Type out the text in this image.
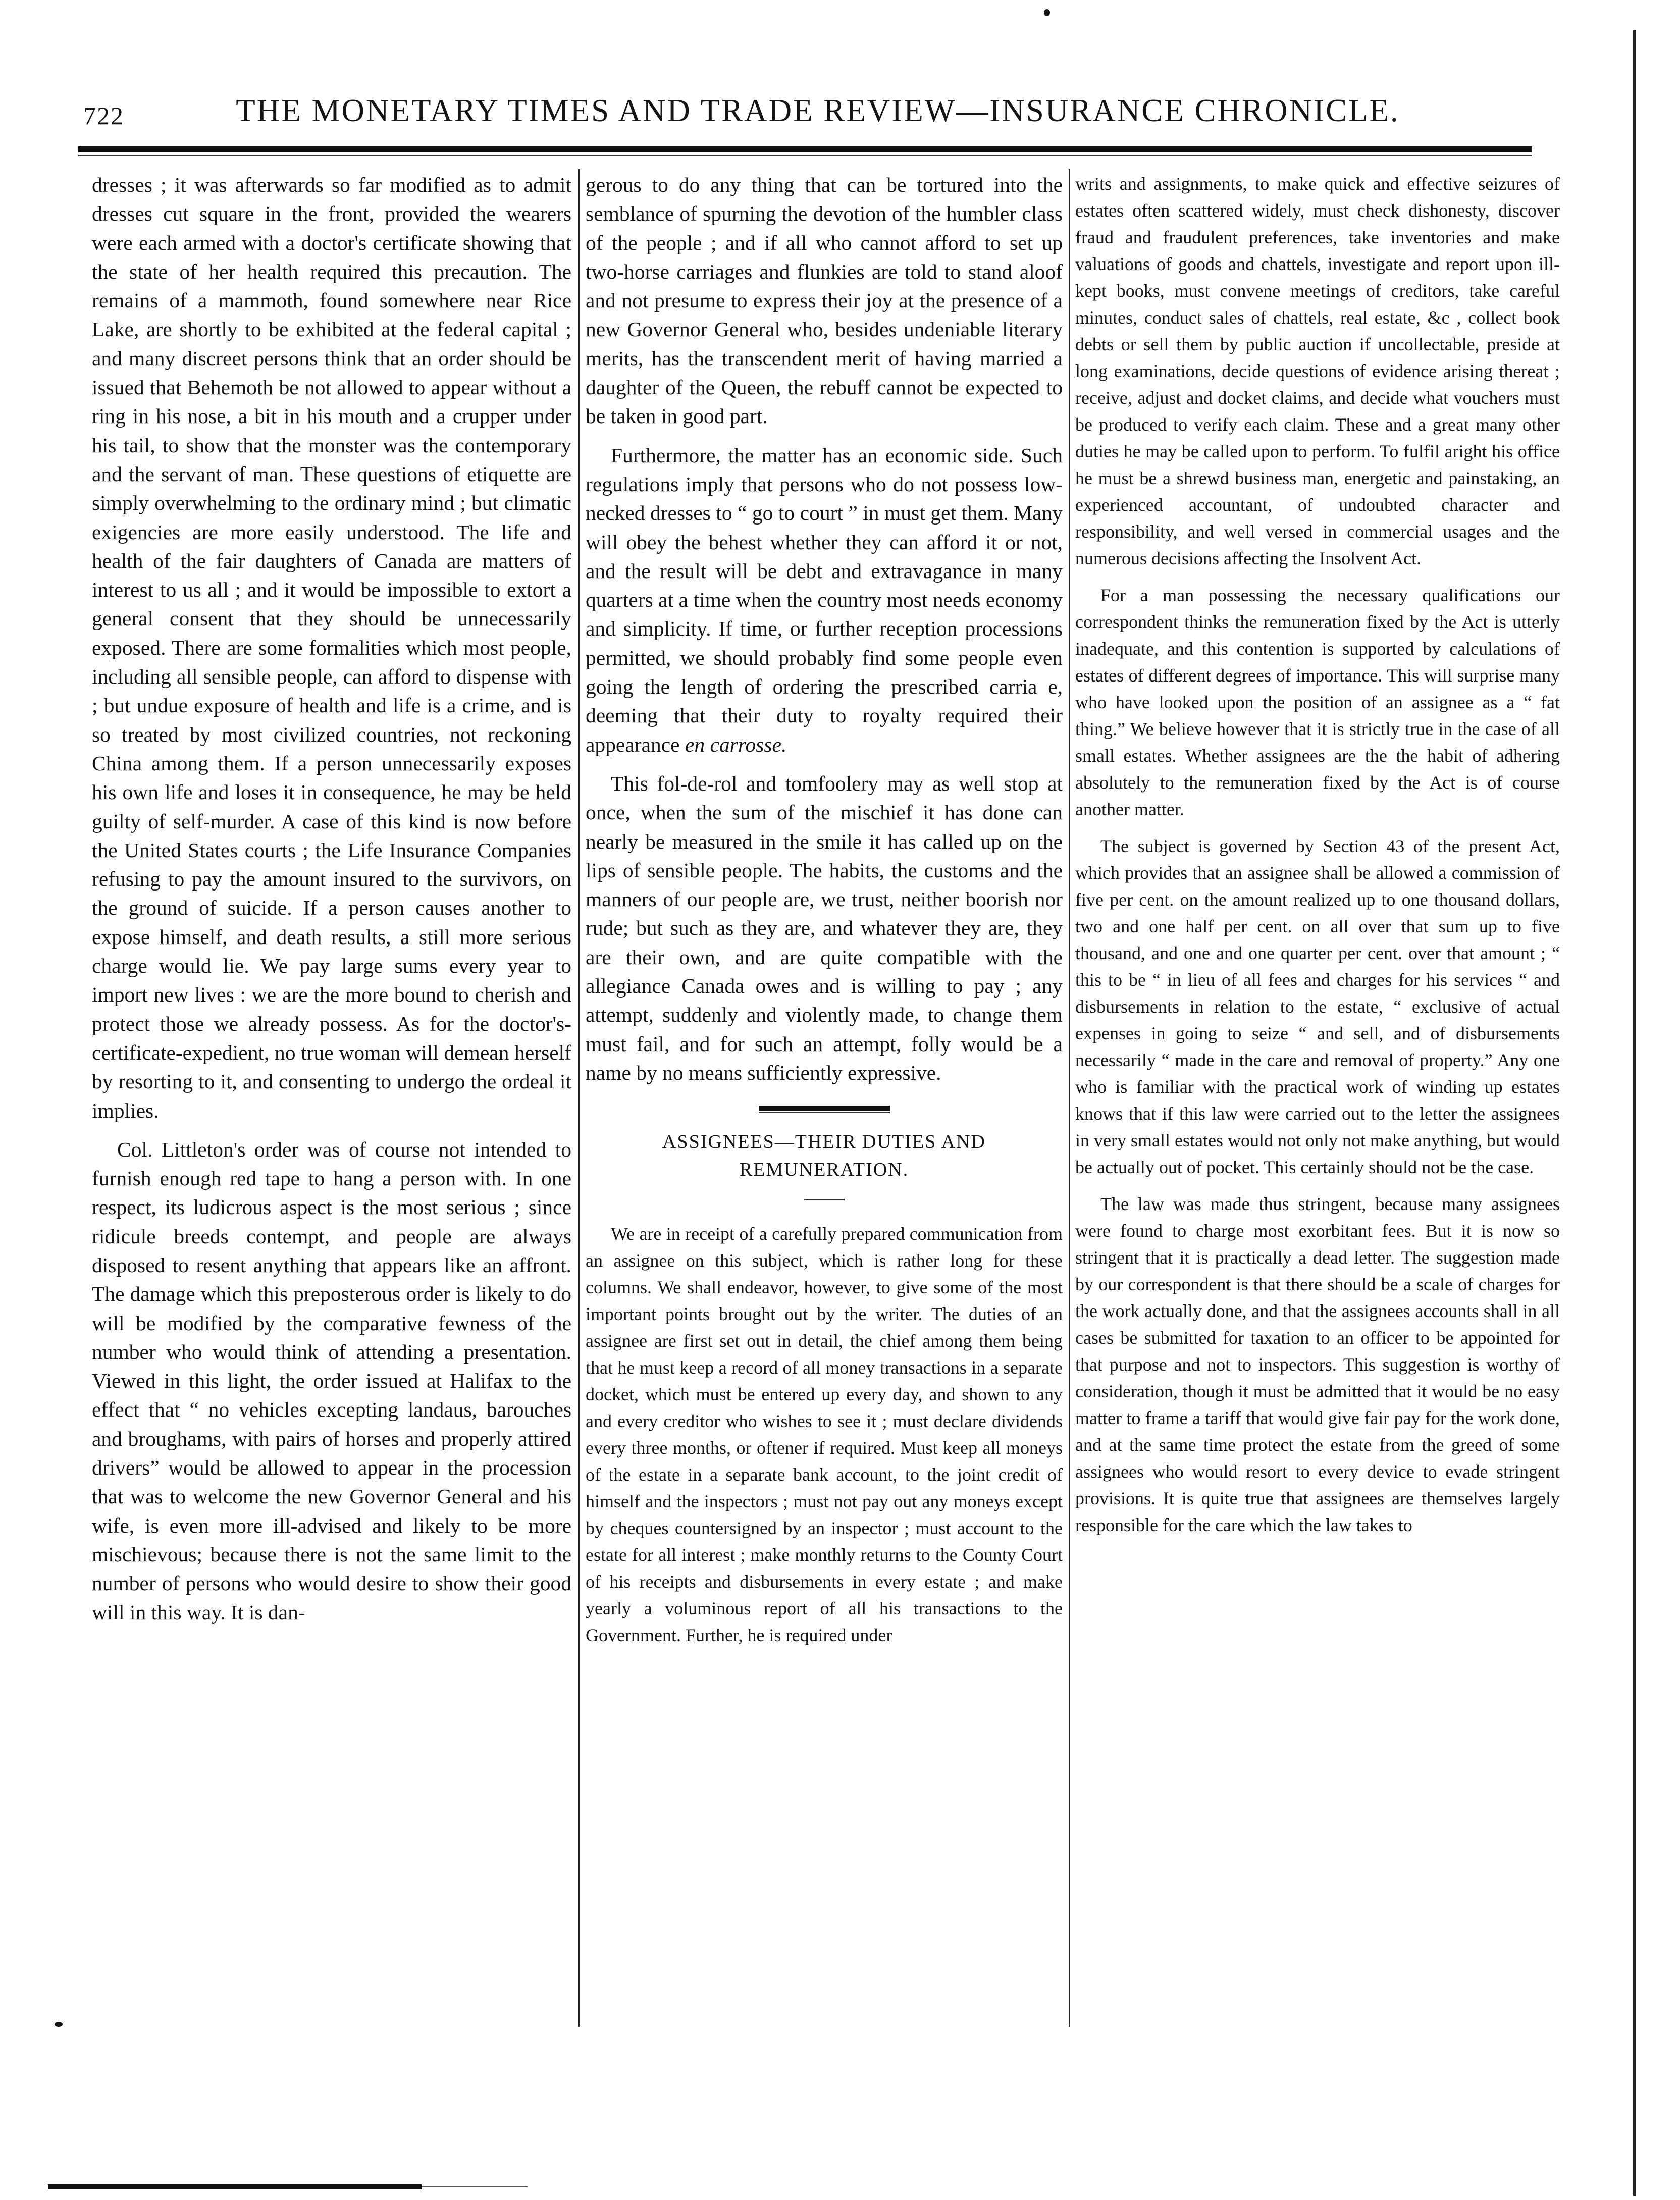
722	THE MONETARY TIMES AND TRADE REVIEW—INSURANCE CHRONICLE.

dresses ; it was afterwards so far modified as to admit dresses cut square in the front, provided the wearers were each armed with a doctor's certificate showing that the state of her health required this precaution. The remains of a mammoth, found somewhere near Rice Lake, are shortly to be exhibited at the federal capital ; and many discreet persons think that an order should be issued that Behemoth be not allowed to appear without a ring in his nose, a bit in his mouth and a crupper under his tail, to show that the monster was the contemporary and the servant of man. These questions of etiquette are simply overwhelming to the ordinary mind ; but climatic exigencies are more easily understood. The life and health of the fair daughters of Canada are matters of interest to us all ; and it would be impossible to extort a general consent that they should be unnecessarily exposed. There are some formalities which most people, including all sensible people, can afford to dispense with ; but undue exposure of health and life is a crime, and is so treated by most civilized countries, not reckoning China among them. If a person unnecessarily exposes his own life and loses it in consequence, he may be held guilty of self-murder. A case of this kind is now before the United States courts ; the Life Insurance Companies refusing to pay the amount insured to the survivors, on the ground of suicide. If a person causes another to expose himself, and death results, a still more serious charge would lie. We pay large sums every year to import new lives : we are the more bound to cherish and protect those we already possess. As for the doctor's-certificate-expedient, no true woman will demean herself by resorting to it, and consenting to undergo the ordeal it implies.

Col. Littleton's order was of course not intended to furnish enough red tape to hang a person with. In one respect, its ludicrous aspect is the most serious ; since ridicule breeds contempt, and people are always disposed to resent anything that appears like an affront. The damage which this preposterous order is likely to do will be modified by the comparative fewness of the number who would think of attending a presentation. Viewed in this light, the order issued at Halifax to the effect that “ no vehicles excepting landaus, barouches and broughams, with pairs of horses and properly attired drivers” would be allowed to appear in the procession that was to welcome the new Governor General and his wife, is even more ill-advised and likely to be more mischievous; because there is not the same limit to the number of persons who would desire to show their good will in this way. It is dan-

gerous to do any thing that can be tortured into the semblance of spurning the devotion of the humbler class of the people ; and if all who cannot afford to set up two-horse carriages and flunkies are told to stand aloof and not presume to express their joy at the presence of a new Governor General who, besides undeniable literary merits, has the transcendent merit of having married a daughter of the Queen, the rebuff cannot be expected to be taken in good part.

Furthermore, the matter has an economic side. Such regulations imply that persons who do not possess low-necked dresses to “ go to court ” in must get them. Many will obey the behest whether they can afford it or not, and the result will be debt and extravagance in many quarters at a time when the country most needs economy and simplicity. If time, or further reception processions permitted, we should probably find some people even going the length of ordering the prescribed carria e, deeming that their duty to royalty required their appearance en carrosse.

This fol-de-rol and tomfoolery may as well stop at once, when the sum of the mischief it has done can nearly be measured in the smile it has called up on the lips of sensible people. The habits, the customs and the manners of our people are, we trust, neither boorish nor rude; but such as they are, and whatever they are, they are their own, and are quite compatible with the allegiance Canada owes and is willing to pay ; any attempt, suddenly and violently made, to change them must fail, and for such an attempt, folly would be a name by no means sufficiently expressive.

ASSIGNEES—THEIR DUTIES AND
REMUNERATION.

We are in receipt of a carefully prepared communication from an assignee on this subject, which is rather long for these columns. We shall endeavor, however, to give some of the most important points brought out by the writer. The duties of an assignee are first set out in detail, the chief among them being that he must keep a record of all money transactions in a separate docket, which must be entered up every day, and shown to any and every creditor who wishes to see it ; must declare dividends every three months, or oftener if required. Must keep all moneys of the estate in a separate bank account, to the joint credit of himself and the inspectors ; must not pay out any moneys except by cheques countersigned by an inspector ; must account to the estate for all interest ; make monthly returns to the County Court of his receipts and disbursements in every estate ; and make yearly a voluminous report of all his transactions to the Government. Further, he is required under

writs and assignments, to make quick and effective seizures of estates often scattered widely, must check dishonesty, discover fraud and fraudulent preferences, take inventories and make valuations of goods and chattels, investigate and report upon ill-kept books, must convene meetings of creditors, take careful minutes, conduct sales of chattels, real estate, &c , collect book debts or sell them by public auction if uncollectable, preside at long examinations, decide questions of evidence arising thereat ; receive, adjust and docket claims, and decide what vouchers must be produced to verify each claim. These and a great many other duties he may be called upon to perform. To fulfil aright his office he must be a shrewd business man, energetic and painstaking, an experienced accountant, of undoubted character and responsibility, and well versed in commercial usages and the numerous decisions affecting the Insolvent Act.

For a man possessing the necessary qualifications our correspondent thinks the remuneration fixed by the Act is utterly inadequate, and this contention is supported by calculations of estates of different degrees of importance. This will surprise many who have looked upon the position of an assignee as a “ fat thing.” We believe however that it is strictly true in the case of all small estates. Whether assignees are the the habit of adhering absolutely to the remuneration fixed by the Act is of course another matter.

The subject is governed by Section 43 of the present Act, which provides that an assignee shall be allowed a commission of five per cent. on the amount realized up to one thousand dollars, two and one half per cent. on all over that sum up to five thousand, and one and one quarter per cent. over that amount ; “ this to be “ in lieu of all fees and charges for his services “ and disbursements in relation to the estate, “ exclusive of actual expenses in going to seize “ and sell, and of disbursements necessarily “ made in the care and removal of property.” Any one who is familiar with the practical work of winding up estates knows that if this law were carried out to the letter the assignees in very small estates would not only not make anything, but would be actually out of pocket. This certainly should not be the case.

The law was made thus stringent, because many assignees were found to charge most exorbitant fees. But it is now so stringent that it is practically a dead letter. The suggestion made by our correspondent is that there should be a scale of charges for the work actually done, and that the assignees accounts shall in all cases be submitted for taxation to an officer to be appointed for that purpose and not to inspectors. This suggestion is worthy of consideration, though it must be admitted that it would be no easy matter to frame a tariff that would give fair pay for the work done, and at the same time protect the estate from the greed of some assignees who would resort to every device to evade stringent provisions. It is quite true that assignees are themselves largely responsible for the care which the law takes to
